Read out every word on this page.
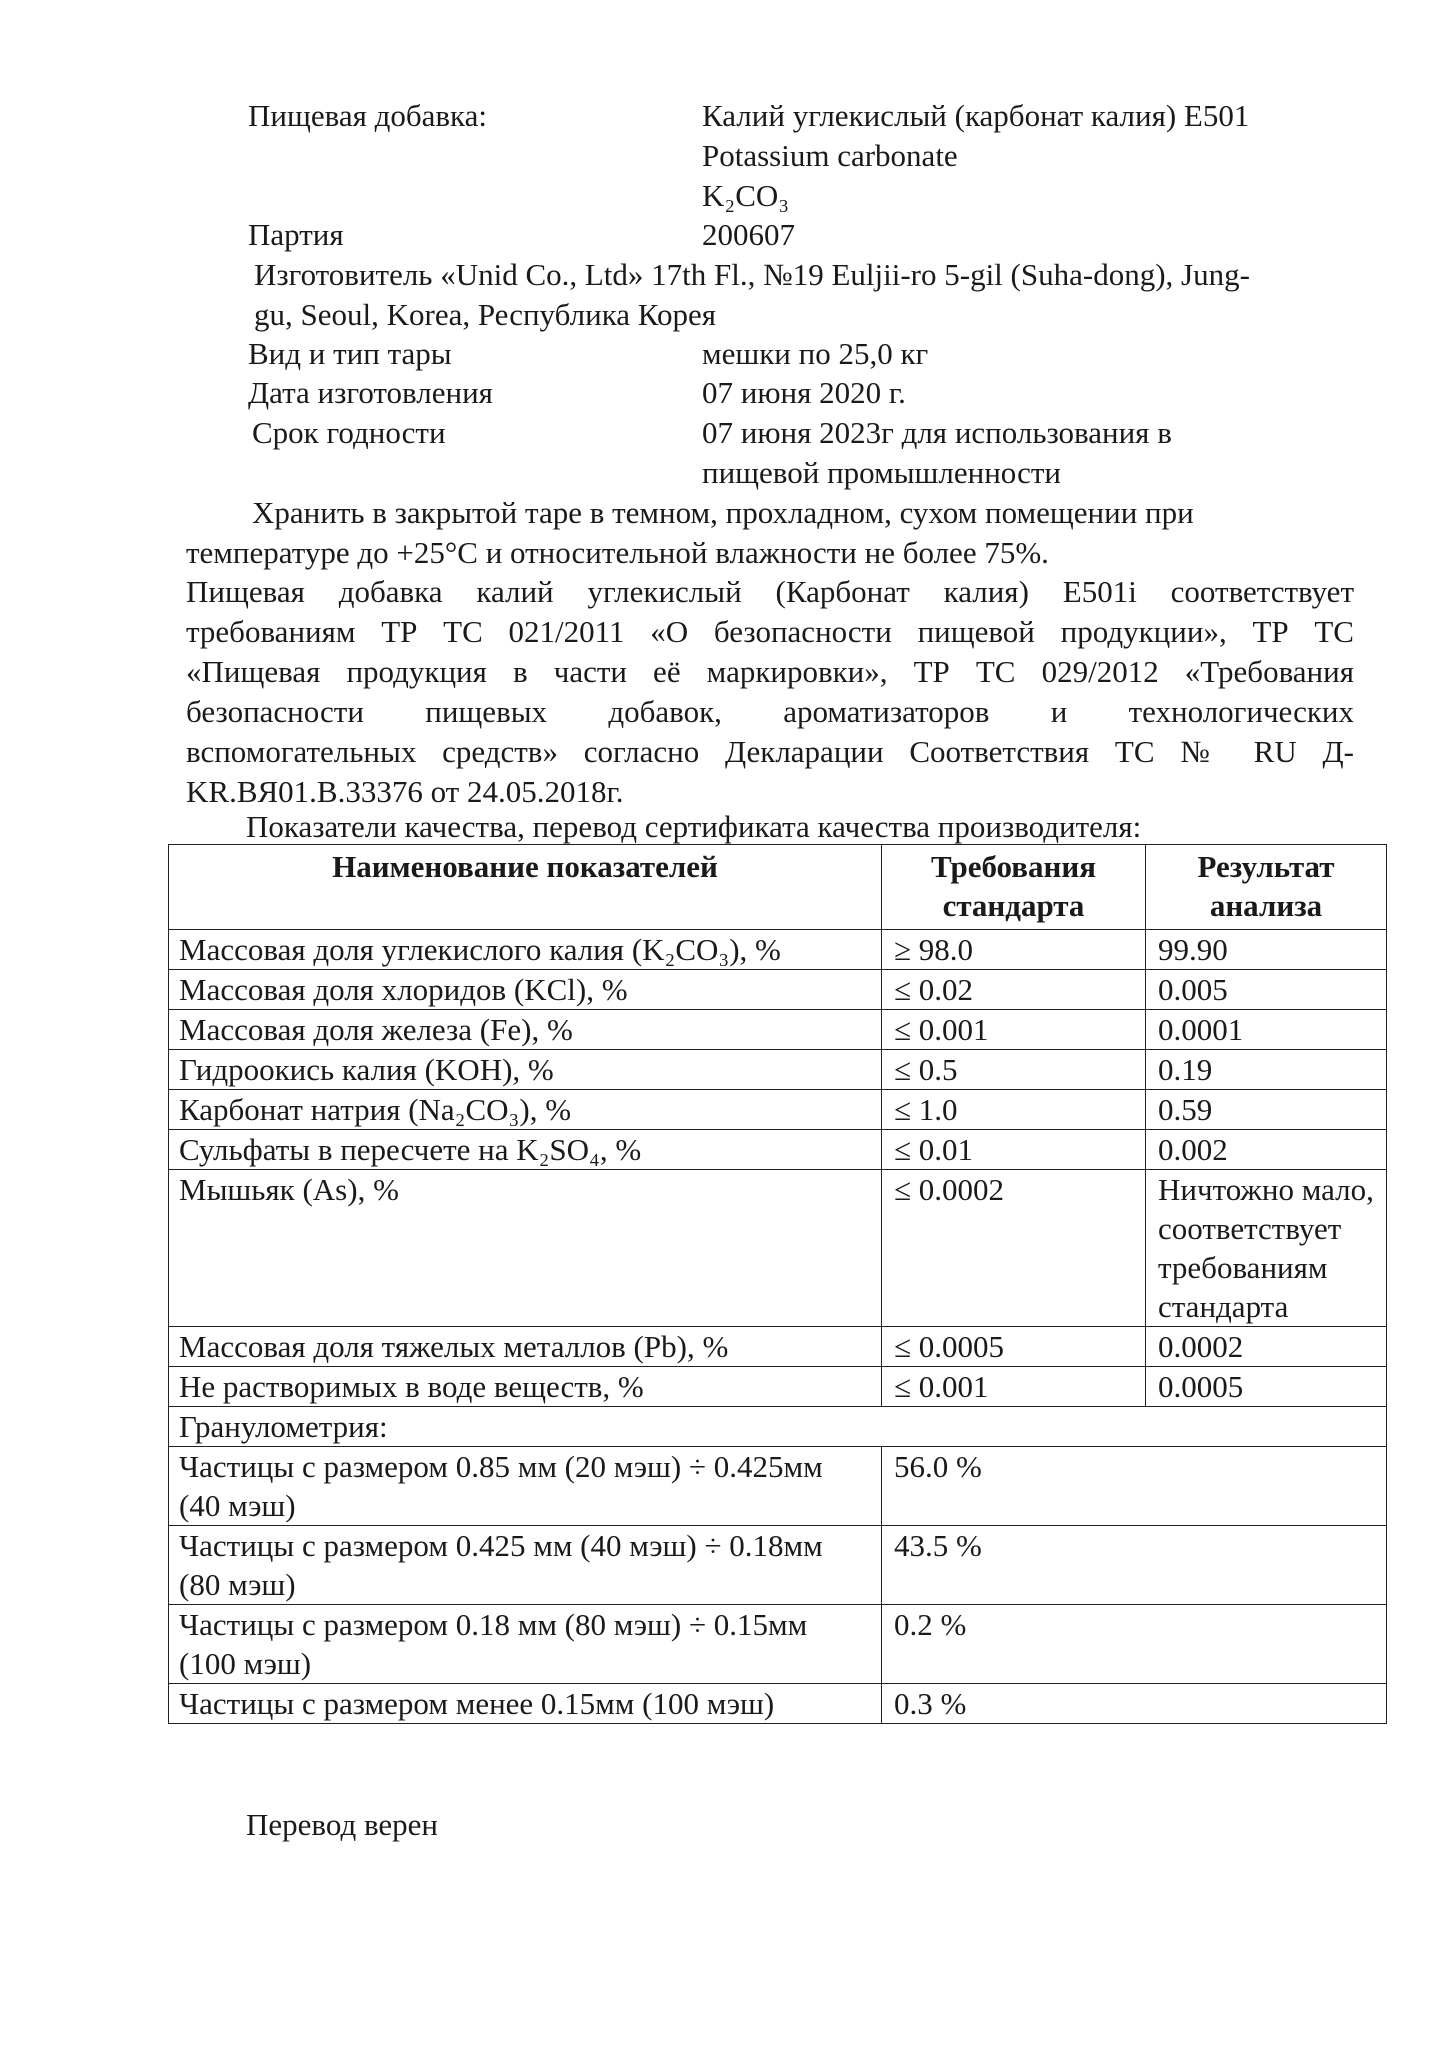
Пищевая добавка:	Калий углекислый (карбонат калия) Е501
Potassium carbonate
K₂CO₃
Партия	200607
Изготовитель «Unid Co., Ltd» 17th Fl., №19 Euljii-ro 5-gil (Suha-dong), Jung-
gu, Seoul, Korea, Республика Корея
Вид и тип тары	мешки по 25,0 кг
Дата изготовления	07 июня 2020 г.
Срок годности	07 июня 2023г для использования в
пищевой промышленности
Хранить в закрытой таре в темном, прохладном, сухом помещении при
температуре до +25°С и относительной влажности не более 75%.
Пищевая добавка калий углекислый (Карбонат калия) Е501i соответствует
требованиям ТР ТС 021/2011 «О безопасности пищевой продукции», ТР ТС
«Пищевая продукция в части её маркировки», ТР ТС 029/2012 «Требования
безопасности пищевых добавок, ароматизаторов и технологических
вспомогательных средств» согласно Декларации Соответствия ТС № RU Д-
KR.BЯ01.B.33376 от 24.05.2018г.
Показатели качества, перевод сертификата качества производителя:
Наименование показателей	Требования стандарта	Результат анализа
Массовая доля углекислого калия (K₂CO₃), %	≥ 98.0	99.90
Массовая доля хлоридов (KCl), %	≤ 0.02	0.005
Массовая доля железа (Fe), %	≤ 0.001	0.0001
Гидроокись калия (KOH), %	≤ 0.5	0.19
Карбонат натрия (Na₂CO₃), %	≤ 1.0	0.59
Сульфаты в пересчете на K₂SO₄, %	≤ 0.01	0.002
Мышьяк (As), %	≤ 0.0002	Ничтожно мало, соответствует требованиям стандарта
Массовая доля тяжелых металлов (Pb), %	≤ 0.0005	0.0002
Не растворимых в воде веществ, %	≤ 0.001	0.0005
Гранулометрия:		
Частицы с размером 0.85 мм (20 мэш) ÷ 0.425мм (40 мэш)	56.0 %	
Частицы с размером 0.425 мм (40 мэш) ÷ 0.18мм (80 мэш)	43.5 %	
Частицы с размером 0.18 мм (80 мэш) ÷ 0.15мм (100 мэш)	0.2 %	
Частицы с размером менее 0.15мм (100 мэш)	0.3 %	
Перевод верен
